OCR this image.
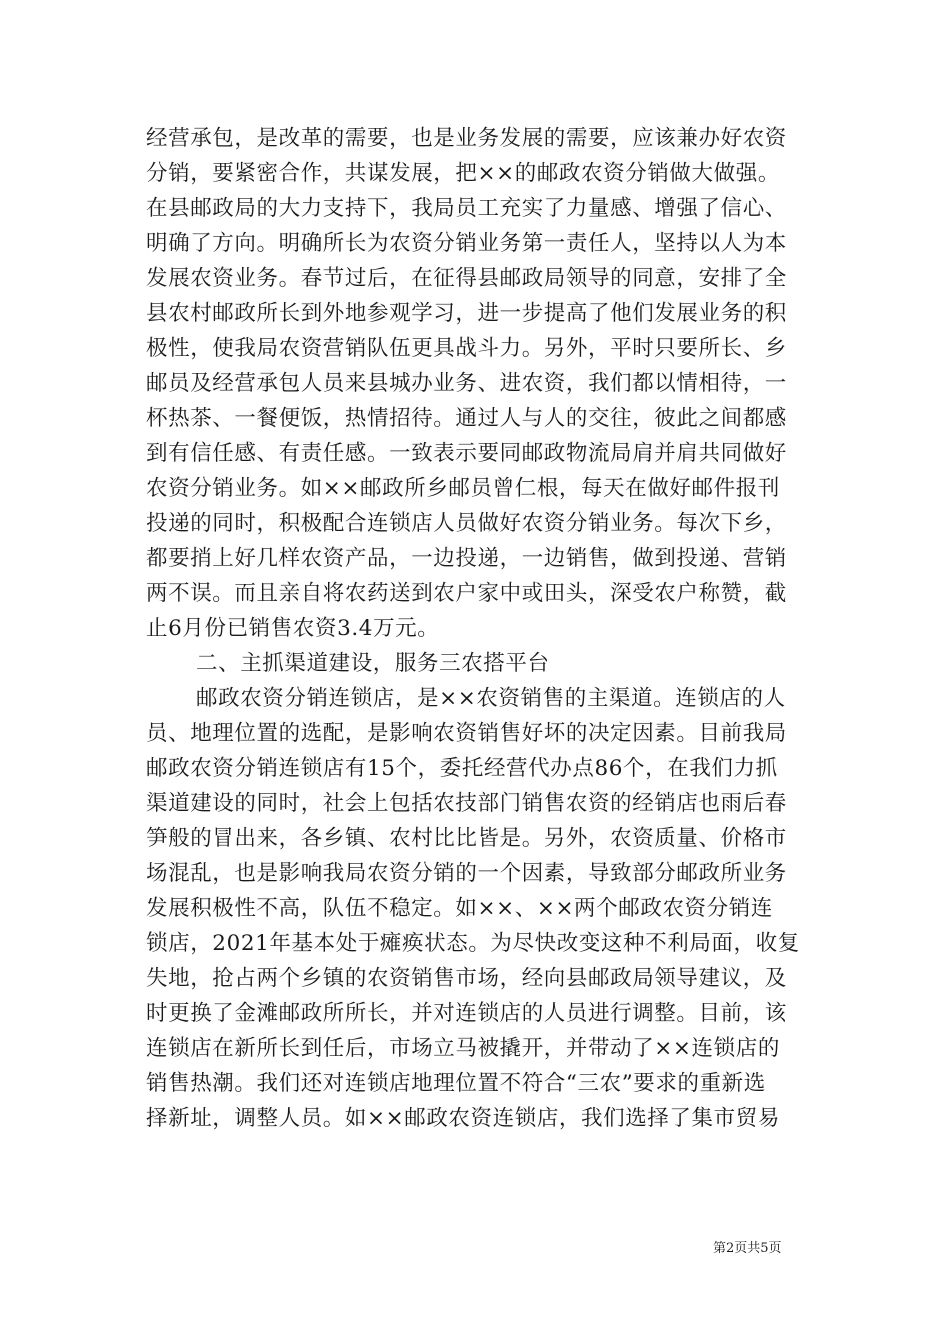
经营承包，是改革的需要，也是业务发展的需要，应该兼办好农资
分销，要紧密合作，共谋发展，把××的邮政农资分销做大做强。
在县邮政局的大力支持下，我局员工充实了力量感、增强了信心、
明确了方向。明确所长为农资分销业务第一责任人，坚持以人为本
发展农资业务。春节过后，在征得县邮政局领导的同意，安排了全
县农村邮政所长到外地参观学习，进一步提高了他们发展业务的积
极性，使我局农资营销队伍更具战斗力。另外，平时只要所长、乡
邮员及经营承包人员来县城办业务、进农资，我们都以情相待，一
杯热茶、一餐便饭，热情招待。通过人与人的交往，彼此之间都感
到有信任感、有责任感。一致表示要同邮政物流局肩并肩共同做好
农资分销业务。如××邮政所乡邮员曾仁根，每天在做好邮件报刊
投递的同时，积极配合连锁店人员做好农资分销业务。每次下乡，
都要捎上好几样农资产品，一边投递，一边销售，做到投递、营销
两不误。而且亲自将农药送到农户家中或田头，深受农户称赞，截
止6月份已销售农资3.4万元。
二、主抓渠道建设，服务三农搭平台
邮政农资分销连锁店，是××农资销售的主渠道。连锁店的人
员、地理位置的选配，是影响农资销售好坏的决定因素。目前我局
邮政农资分销连锁店有15个，委托经营代办点86个，在我们力抓
渠道建设的同时，社会上包括农技部门销售农资的经销店也雨后春
笋般的冒出来，各乡镇、农村比比皆是。另外，农资质量、价格市
场混乱，也是影响我局农资分销的一个因素，导致部分邮政所业务
发展积极性不高，队伍不稳定。如××、××两个邮政农资分销连
锁店，2021年基本处于瘫痪状态。为尽快改变这种不利局面，收复
失地，抢占两个乡镇的农资销售市场，经向县邮政局领导建议，及
时更换了金滩邮政所所长，并对连锁店的人员进行调整。目前，该
连锁店在新所长到任后，市场立马被撬开，并带动了××连锁店的
销售热潮。我们还对连锁店地理位置不符合“三农”要求的重新选
择新址，调整人员。如××邮政农资连锁店，我们选择了集市贸易
第2页共5页
